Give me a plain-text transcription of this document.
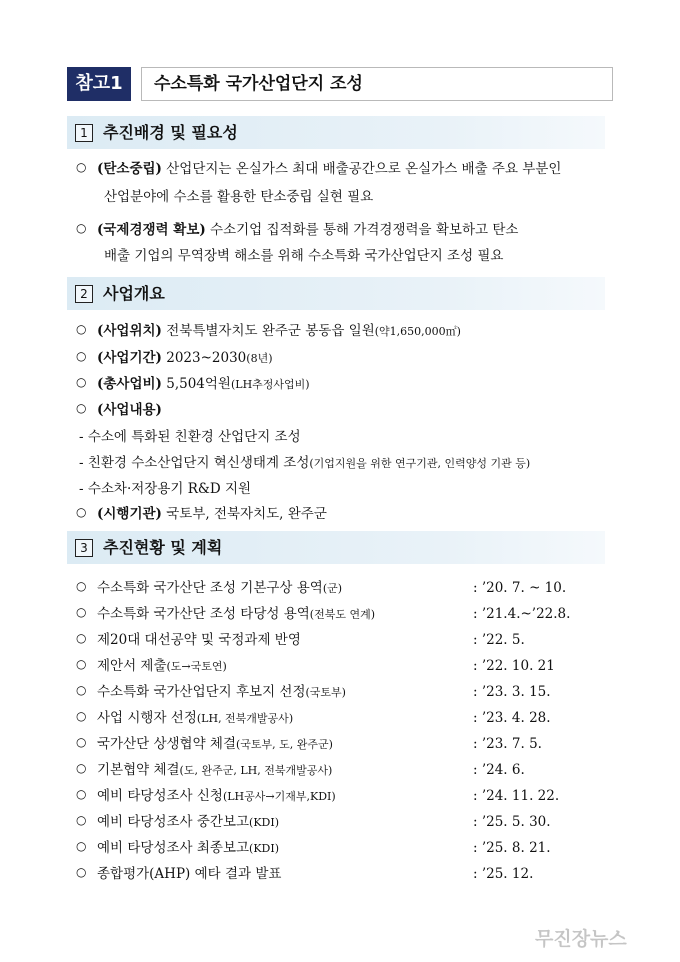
참고1	수소특화 국가산업단지 조성
1 추진배경 및 필요성
○ (탄소중립) 산업단지는 온실가스 최대 배출공간으로 온실가스 배출 주요 부분인
산업분야에 수소를 활용한 탄소중립 실현 필요
○ (국제경쟁력 확보) 수소기업 집적화를 통해 가격경쟁력을 확보하고 탄소
배출 기업의 무역장벽 해소를 위해 수소특화 국가산업단지 조성 필요
2 사업개요
○ (사업위치) 전북특별자치도 완주군 봉동읍 일원(약1,650,000㎡)
○ (사업기간) 2023~2030(8년)
○ (총사업비) 5,504억원(LH추정사업비)
○ (사업내용)
- 수소에 특화된 친환경 산업단지 조성
- 친환경 수소산업단지 혁신생태계 조성(기업지원을 위한 연구기관, 인력양성 기관 등)
- 수소차·저장용기 R&D 지원
○ (시행기관) 국토부, 전북자치도, 완주군
3 추진현황 및 계획
○ 수소특화 국가산단 조성 기본구상 용역(군)	: ’20. 7. ~ 10.
○ 수소특화 국가산단 조성 타당성 용역(전북도 연계)	: ’21.4.~’22.8.
○ 제20대 대선공약 및 국정과제 반영	: ’22. 5.
○ 제안서 제출(도→국토연)	: ’22. 10. 21
○ 수소특화 국가산업단지 후보지 선정(국토부)	: ’23. 3. 15.
○ 사업 시행자 선정(LH, 전북개발공사)	: ’23. 4. 28.
○ 국가산단 상생협약 체결(국토부, 도, 완주군)	: ’23. 7. 5.
○ 기본협약 체결(도, 완주군, LH, 전북개발공사)	: ’24. 6.
○ 예비 타당성조사 신청(LH공사→기재부,KDI)	: ’24. 11. 22.
○ 예비 타당성조사 중간보고(KDI)	: ’25. 5. 30.
○ 예비 타당성조사 최종보고(KDI)	: ’25. 8. 21.
○ 종합평가(AHP) 예타 결과 발표	: ’25. 12.
무진장뉴스
